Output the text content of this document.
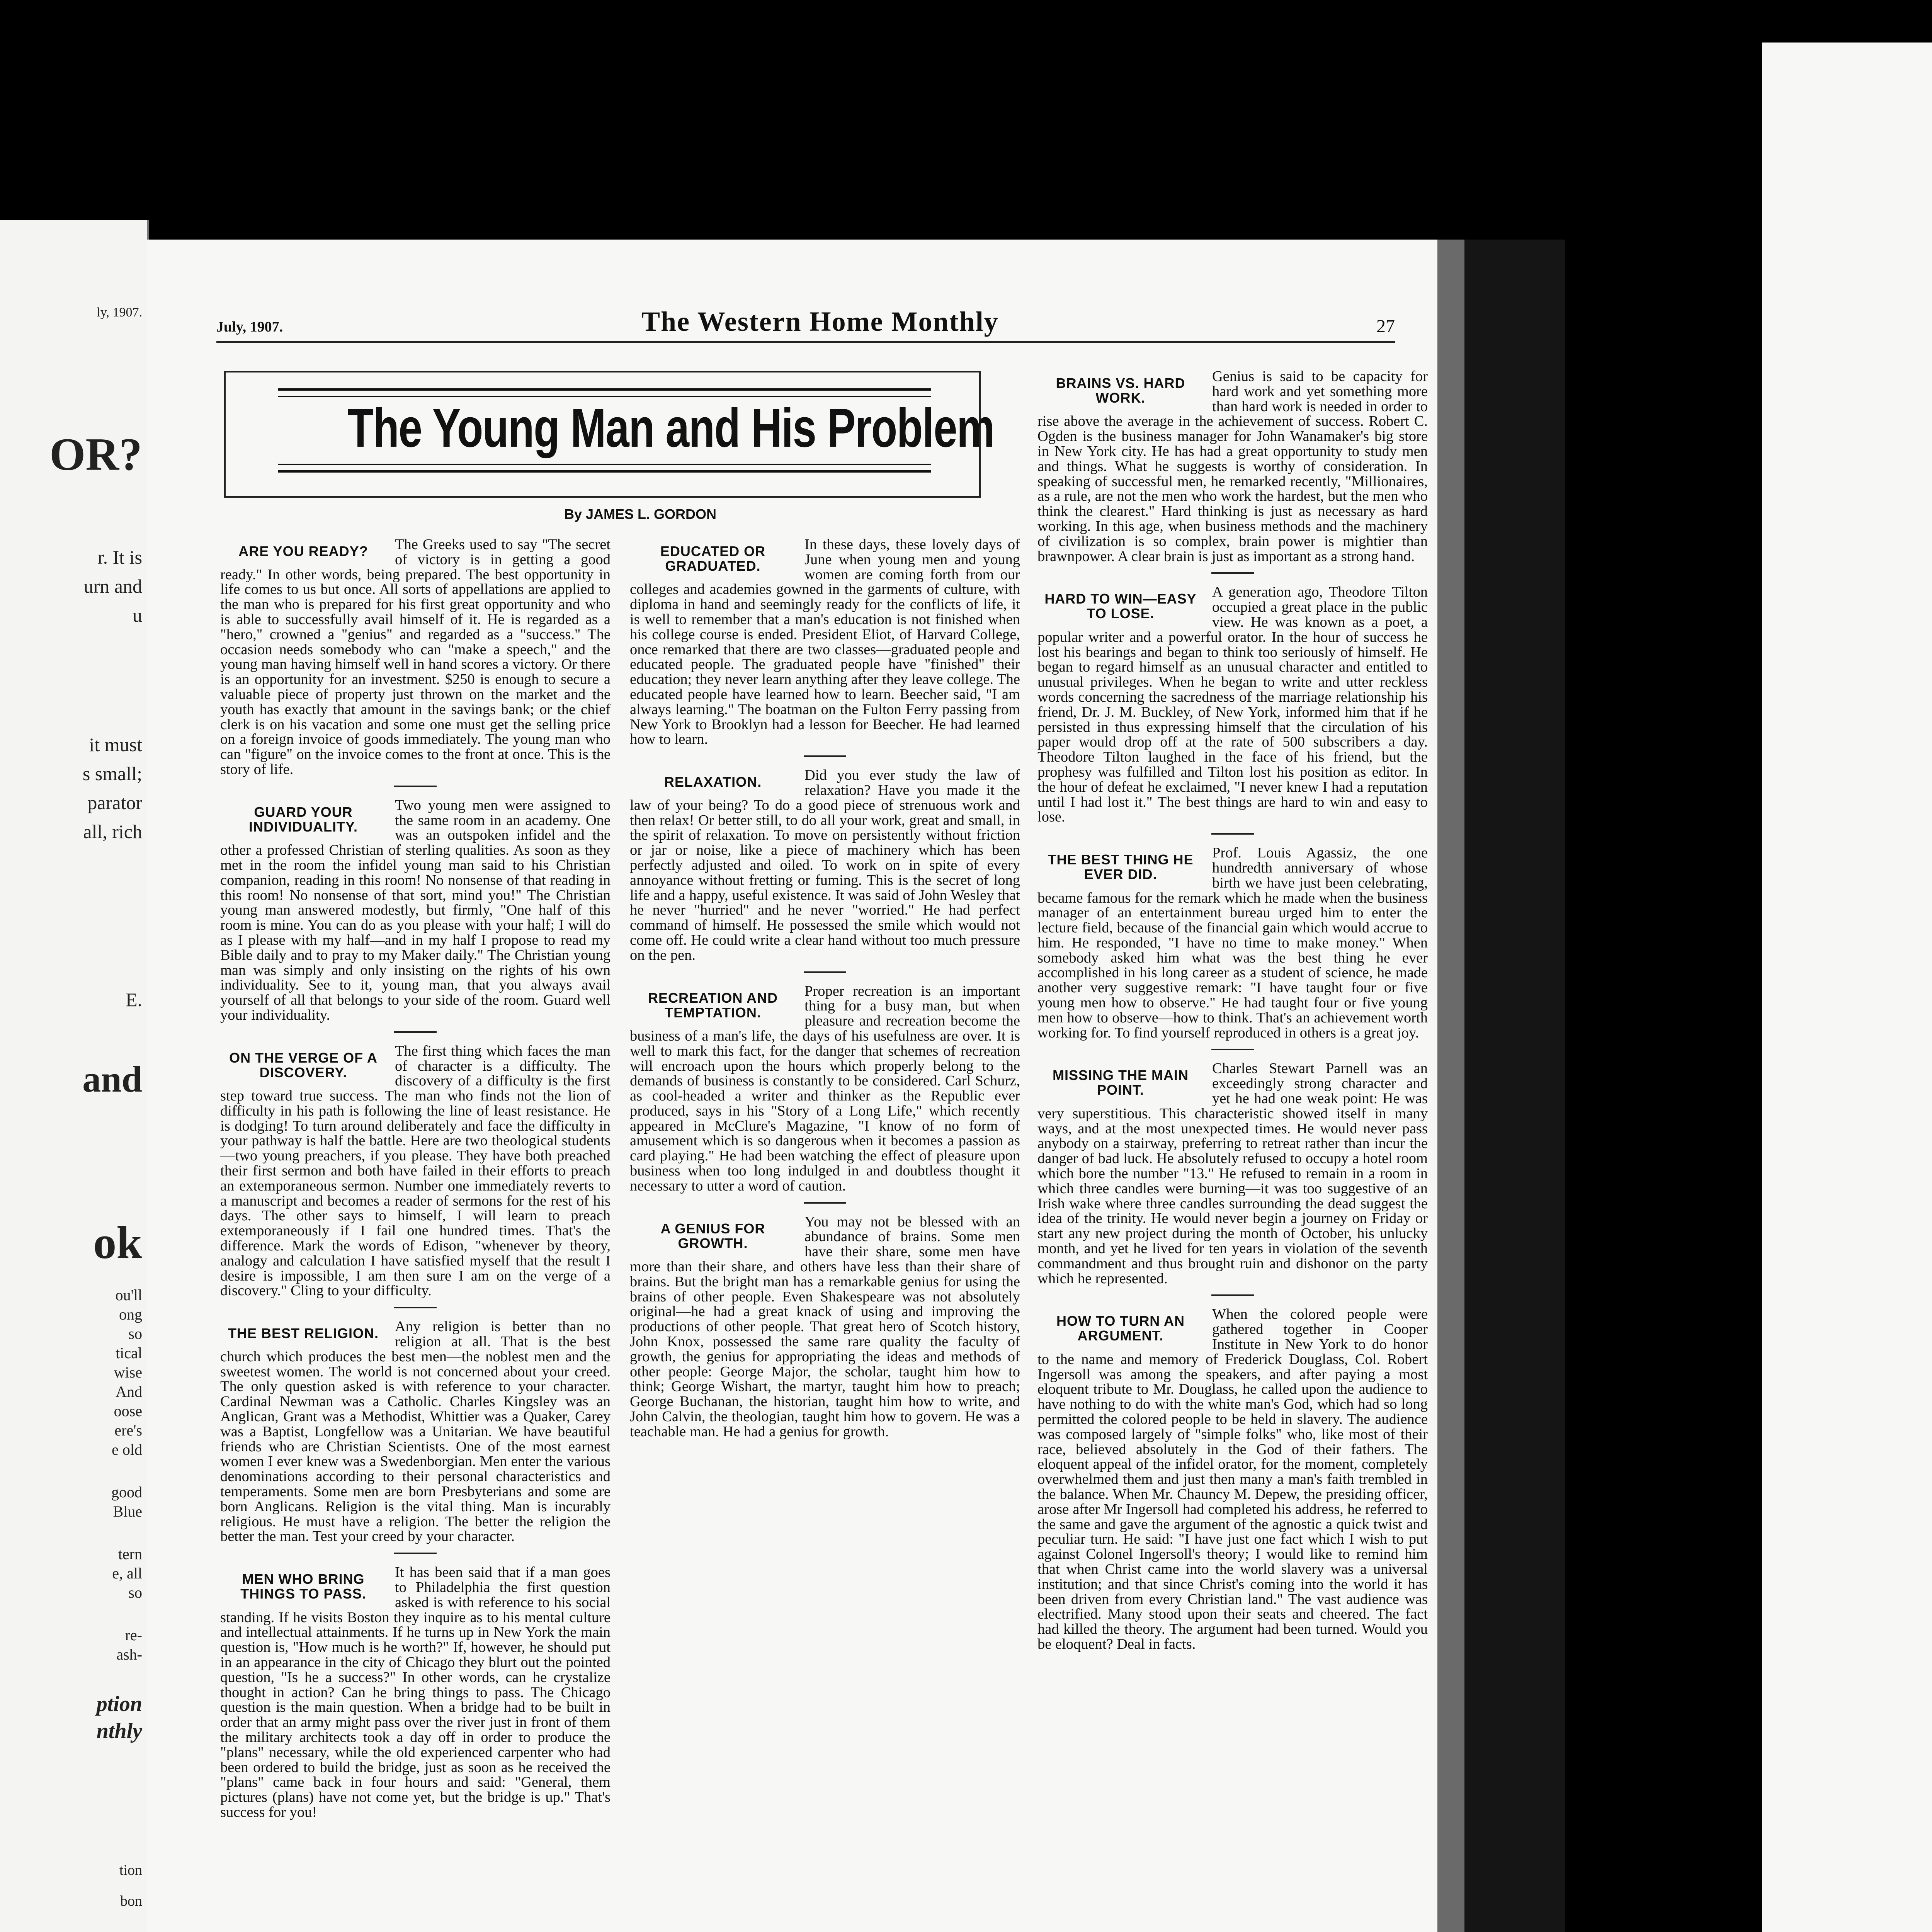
ly, 1907.
OR?
r. It is
urn and
u
it must
s small;
parator
all, rich
E.
and
ok
ou'll
ong
so
tical
wise
And
oose
ere's
e old
good
Blue
tern
e, all
so
re-
ash-
ption
nthly
tion
bon
July, 1907.	The Western Home Monthly	27
The Young Man and His Problem
By JAMES L. GORDON
ARE YOU READY?	The Greeks used to say "The secret of victory is in getting a good ready." In other words, being prepared. The best opportunity in life comes to us but once. All sorts of appellations are applied to the man who is prepared for his first great opportunity and who is able to successfully avail himself of it. He is regarded as a "hero," crowned a "genius" and regarded as a "success." The occasion needs somebody who can "make a speech," and the young man having himself well in hand scores a victory. Or there is an opportunity for an investment. $250 is enough to secure a valuable piece of property just thrown on the market and the youth has exactly that amount in the savings bank; or the chief clerk is on his vacation and some one must get the selling price on a foreign invoice of goods immediately. The young man who can "figure" on the invoice comes to the front at once. This is the story of life.

GUARD YOUR INDIVIDUALITY.

Two young men were assigned to the same room in an academy. One was an outspoken infidel and the other a professed Christian of sterling qualities. As soon as they met in the room the infidel young man said to his Christian companion, reading in this room! No nonsense of that reading in this room! No nonsense of that sort, mind you!" The Christian young man answered modestly, but firmly, "One half of this room is mine. You can do as you please with your half; I will do as I please with my half—and in my half I propose to read my Bible daily and to pray to my Maker daily." The Christian young man was simply and only insisting on the rights of his own individuality. See to it, young man, that you always avail yourself of all that belongs to your side of the room. Guard well your individuality.

ON THE VERGE OF A DISCOVERY.

The first thing which faces the man of character is a difficulty. The discovery of a difficulty is the first step toward true success. The man who finds not the lion of difficulty in his path is following the line of least resistance. He is dodging! To turn around deliberately and face the difficulty in your pathway is half the battle. Here are two theological students—two young preachers, if you please. They have both preached their first sermon and both have failed in their efforts to preach an extemporaneous sermon. Number one immediately reverts to a manuscript and becomes a reader of sermons for the rest of his days. The other says to himself, I will learn to preach extemporaneously if I fail one hundred times. That's the difference. Mark the words of Edison, "whenever by theory, analogy and calculation I have satisfied myself that the result I desire is impossible, I am then sure I am on the verge of a discovery." Cling to your difficulty.

THE BEST RELIGION.	Any religion is better than no religion at all. That is the best church which produces the best men—the noblest men and the sweetest women. The world is not concerned about your creed. The only question asked is with reference to your character. Cardinal Newman was a Catholic. Charles Kingsley was an Anglican, Grant was a Methodist, Whittier was a Quaker, Carey was a Baptist, Longfellow was a Unitarian. We have beautiful friends who are Christian Scientists. One of the most earnest women I ever knew was a Swedenborgian. Men enter the various denominations according to their personal characteristics and temperaments. Some men are born Presbyterians and some are born Anglicans. Religion is the vital thing. Man is incurably religious. He must have a religion. The better the religion the better the man. Test your creed by your character.

MEN WHO BRING THINGS TO PASS.

It has been said that if a man goes to Philadelphia the first question asked is with reference to his social standing. If he visits Boston they inquire as to his mental culture and intellectual attainments. If he turns up in New York the main question is, "How much is he worth?" If, however, he should put in an appearance in the city of Chicago they blurt out the pointed question, "Is he a success?" In other words, can he crystalize thought in action? Can he bring things to pass. The Chicago question is the main question. When a bridge had to be built in order that an army might pass over the river just in front of them the military architects took a day off in order to produce the "plans" necessary, while the old experienced carpenter who had been ordered to build the bridge, just as soon as he received the "plans" came back in four hours and said: "General, them pictures (plans) have not come yet, but the bridge is up." That's success for you!

EDUCATED OR GRADUATED.

In these days, these lovely days of June when young men and young women are coming forth from our colleges and academies gowned in the garments of culture, with diploma in hand and seemingly ready for the conflicts of life, it is well to remember that a man's education is not finished when his college course is ended. President Eliot, of Harvard College, once remarked that there are two classes—graduated people and educated people. The graduated people have "finished" their education; they never learn anything after they leave college. The educated people have learned how to learn. Beecher said, "I am always learning." The boatman on the Fulton Ferry passing from New York to Brooklyn had a lesson for Beecher. He had learned how to learn.

RELAXATION.	Did you ever study the law of relaxation? Have you made it the law of your being? To do a good piece of strenuous work and then relax! Or better still, to do all your work, great and small, in the spirit of relaxation. To move on persistently without friction or jar or noise, like a piece of machinery which has been perfectly adjusted and oiled. To work on in spite of every annoyance without fretting or fuming. This is the secret of long life and a happy, useful existence. It was said of John Wesley that he never "hurried" and he never "worried." He had perfect command of himself. He possessed the smile which would not come off. He could write a clear hand without too much pressure on the pen.

RECREATION AND TEMPTATION.

Proper recreation is an important thing for a busy man, but when pleasure and recreation become the business of a man's life, the days of his usefulness are over. It is well to mark this fact, for the danger that schemes of recreation will encroach upon the hours which properly belong to the demands of business is constantly to be considered. Carl Schurz, as cool-headed a writer and thinker as the Republic ever produced, says in his "Story of a Long Life," which recently appeared in McClure's Magazine, "I know of no form of amusement which is so dangerous when it becomes a passion as card playing." He had been watching the effect of pleasure upon business when too long indulged in and doubtless thought it necessary to utter a word of caution.

A GENIUS FOR GROWTH.

You may not be blessed with an abundance of brains. Some men have their share, some men have more than their share, and others have less than their share of brains. But the bright man has a remarkable genius for using the brains of other people. Even Shakespeare was not absolutely original—he had a great knack of using and improving the productions of other people. That great hero of Scotch history, John Knox, possessed the same rare quality the faculty of growth, the genius for appropriating the ideas and methods of other people: George Major, the scholar, taught him how to think; George Wishart, the martyr, taught him how to preach; George Buchanan, the historian, taught him how to write, and John Calvin, the theologian, taught him how to govern. He was a teachable man. He had a genius for growth.

BRAINS VS. HARD WORK.

Genius is said to be capacity for hard work and yet something more than hard work is needed in order to rise above the average in the achievement of success. Robert C. Ogden is the business manager for John Wanamaker's big store in New York city. He has had a great opportunity to study men and things. What he suggests is worthy of consideration. In speaking of successful men, he remarked recently, "Millionaires, as a rule, are not the men who work the hardest, but the men who think the clearest." Hard thinking is just as necessary as hard working. In this age, when business methods and the machinery of civilization is so complex, brain power is mightier than brawnpower. A clear brain is just as important as a strong hand.

HARD TO WIN—EASY TO LOSE.

A generation ago, Theodore Tilton occupied a great place in the public view. He was known as a poet, a popular writer and a powerful orator. In the hour of success he lost his bearings and began to think too seriously of himself. He began to regard himself as an unusual character and entitled to unusual privileges. When he began to write and utter reckless words concerning the sacredness of the marriage relationship his friend, Dr. J. M. Buckley, of New York, informed him that if he persisted in thus expressing himself that the circulation of his paper would drop off at the rate of 500 subscribers a day. Theodore Tilton laughed in the face of his friend, but the prophesy was fulfilled and Tilton lost his position as editor. In the hour of defeat he exclaimed, "I never knew I had a reputation until I had lost it." The best things are hard to win and easy to lose.

THE BEST THING HE EVER DID.

Prof. Louis Agassiz, the one hundredth anniversary of whose birth we have just been celebrating, became famous for the remark which he made when the business manager of an entertainment bureau urged him to enter the lecture field, because of the financial gain which would accrue to him. He responded, "I have no time to make money." When somebody asked him what was the best thing he ever accomplished in his long career as a student of science, he made another very suggestive remark: "I have taught four or five young men how to observe." He had taught four or five young men how to observe—how to think. That's an achievement worth working for. To find yourself reproduced in others is a great joy.

MISSING THE MAIN POINT.

Charles Stewart Parnell was an exceedingly strong character and yet he had one weak point: He was very superstitious. This characteristic showed itself in many ways, and at the most unexpected times. He would never pass anybody on a stairway, preferring to retreat rather than incur the danger of bad luck. He absolutely refused to occupy a hotel room which bore the number "13." He refused to remain in a room in which three candles were burning—it was too suggestive of an Irish wake where three candles surrounding the dead suggest the idea of the trinity. He would never begin a journey on Friday or start any new project during the month of October, his unlucky month, and yet he lived for ten years in violation of the seventh commandment and thus brought ruin and dishonor on the party which he represented.

HOW TO TURN AN ARGUMENT.

When the colored people were gathered together in Cooper Institute in New York to do honor to the name and memory of Frederick Douglass, Col. Robert Ingersoll was among the speakers, and after paying a most eloquent tribute to Mr. Douglass, he called upon the audience to have nothing to do with the white man's God, which had so long permitted the colored people to be held in slavery. The audience was composed largely of "simple folks" who, like most of their race, believed absolutely in the God of their fathers. The eloquent appeal of the infidel orator, for the moment, completely overwhelmed them and just then many a man's faith trembled in the balance. When Mr. Chauncy M. Depew, the presiding officer, arose after Mr Ingersoll had completed his address, he referred to the same and gave the argument of the agnostic a quick twist and peculiar turn. He said: "I have just one fact which I wish to put against Colonel Ingersoll's theory; I would like to remind him that when Christ came into the world slavery was a universal institution; and that since Christ's coming into the world it has been driven from every Christian land." The vast audience was electrified. Many stood upon their seats and cheered. The fact had killed the theory. The argument had been turned. Would you be eloquent? Deal in facts.
